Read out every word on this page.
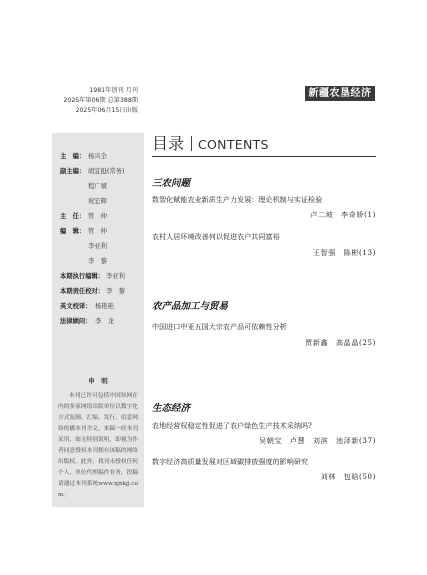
1981年创刊 月刊
2025年第06期 总第388期
2025年06月15日出版
新疆农垦经济
主　编： 杨兴全
副主编： 胡宜挺(常务)
程广斌
祝宏辉
主　任： 管　仲
编　辑： 管　仲
李亚利
李　黎
本期执行编辑： 李亚利
本期责任校对： 李　黎
英文校译： 杨艳艳
法律顾问： 李　龙
申　明
本刊已许可包括中国知网在内的多家网络出版单位以数字化方式复制、汇编、发行、信息网络传播本刊全文。来稿一经本刊采用，如无特别说明，即视为作者同意授权本刊拥有该稿的网络出版权。此外，我刊未授权任何个人、单位代理稿件业务，投稿请通过本刊系统www.xjnkjj.com。
目录 CONTENTS
三农问题
数智化赋能农业新质生产力发展：理论机制与实证检验
卢二坡　李奇娇(1)
农村人居环境改善何以促进农户共同富裕
王智强　陈彬(13)
农产品加工与贸易
中国进口中亚五国大宗农产品可依赖性分析
贾新鑫　高晶晶(25)
生态经济
农地经营权稳定性促进了农户绿色生产技术采纳吗?
吴朝宝　卢慧　刘滨　池泽新(37)
数字经济高质量发展对区域碳排放强度的影响研究
刘林　包晗(50)
